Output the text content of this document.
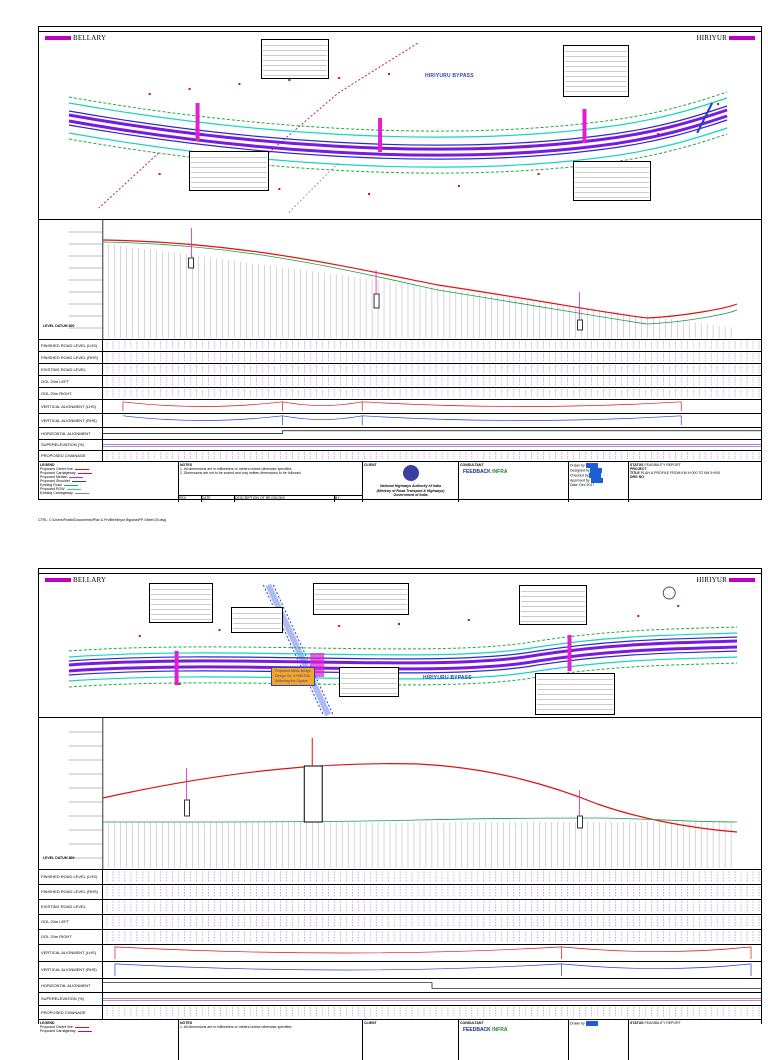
BELLARY	HIRIYUR
HIRIYURU BYPASS
LEVEL DATUM 800
FINISHED ROAD LEVEL (LHS)
FINISHED ROAD LEVEL (RHS)
EXISTING ROAD LEVEL
OGL 20m LEFT
OGL 20m RIGHT
VERTICAL ALIGNMENT (LHS)
VERTICAL ALIGNMENT (RHS)
HORIZONTAL ALIGNMENT
SUPERELEVATION (%)
PROPOSED CHAINAGE
LEGEND
Proposed Centre line
Proposed Carriageway
Proposed Median
Proposed Shoulder
Existing Road
Proposed ROW
Existing Carriageway
NOTES
1. All dimensions are in millimeters or meters unless otherwise specified.
2. Dimensions are not to be scaled and only written dimensions to be followed.
REV	DATE	DESCRIPTION OF REVISIONS	BY
CLIENT
National Highways Authority of India
(Ministry of Road Transport & Highways)
Government of India
CONSULTANT
FEEDBACK INFRA
Drawn by
Designed by
Checked by
Approved by
Date: Dec 2017
STATUS FEASIBILITY REPORT
PROJECT
TITLE PLAN & PROFILE FROM KM 4+000 TO KM 5+000
DRG NO
CTRL: C:\Users\Public\Documents\Plan & Profile\Hiriyur Bypass\PP-Sheet-03.dwg
BELLARY	HIRIYUR
HIRIYURU BYPASS
Proposed Minor Bridge
Design Ch: 4+950.000
Widening the Square
LEVEL DATUM 800
FINISHED ROAD LEVEL (LHS)
FINISHED ROAD LEVEL (RHS)
EXISTING ROAD LEVEL
OGL 20m LEFT
OGL 20m RIGHT
VERTICAL ALIGNMENT (LHS)
VERTICAL ALIGNMENT (RHS)
HORIZONTAL ALIGNMENT
SUPERELEVATION (%)
PROPOSED CHAINAGE
LEGEND
Proposed Centre line
Proposed Carriageway
NOTES
1. All dimensions are in millimeters or meters unless otherwise specified.
CLIENT	CONSULTANT
FEEDBACK INFRA
Drawn by	STATUS FEASIBILITY REPORT
